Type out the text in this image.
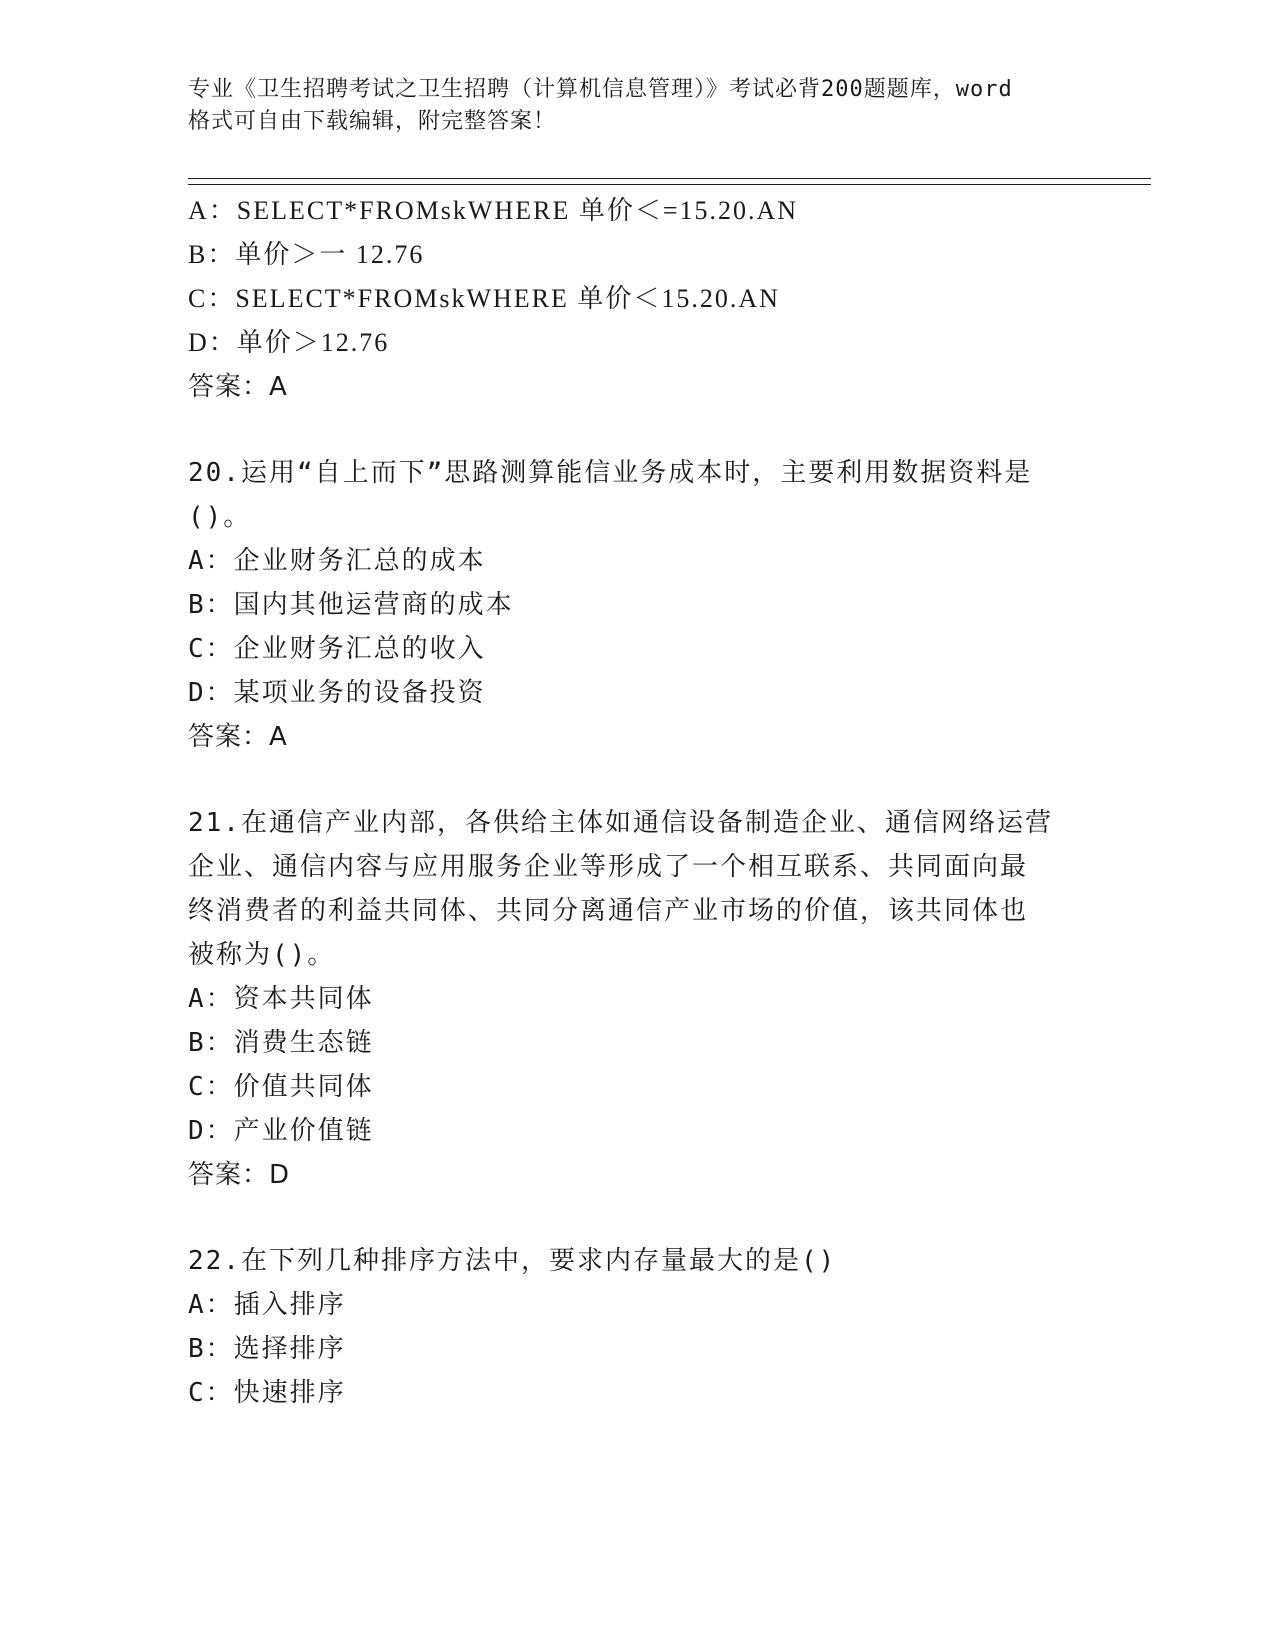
专业《卫生招聘考试之卫生招聘（计算机信息管理）》考试必背200题题库，word
格式可自由下载编辑，附完整答案！
A：SELECT*FROMskWHERE 单价＜=15.20.AN
B：单价＞一 12.76
C：SELECT*FROMskWHERE 单价＜15.20.AN
D：单价＞12.76
答案：A
20.运用“自上而下”思路测算能信业务成本时，主要利用数据资料是
()。
A：企业财务汇总的成本
B：国内其他运营商的成本
C：企业财务汇总的收入
D：某项业务的设备投资
答案：A
21.在通信产业内部，各供给主体如通信设备制造企业、通信网络运营
企业、通信内容与应用服务企业等形成了一个相互联系、共同面向最
终消费者的利益共同体、共同分离通信产业市场的价值，该共同体也
被称为()。
A：资本共同体
B：消费生态链
C：价值共同体
D：产业价值链
答案：D
22.在下列几种排序方法中，要求内存量最大的是()
A：插入排序
B：选择排序
C：快速排序
